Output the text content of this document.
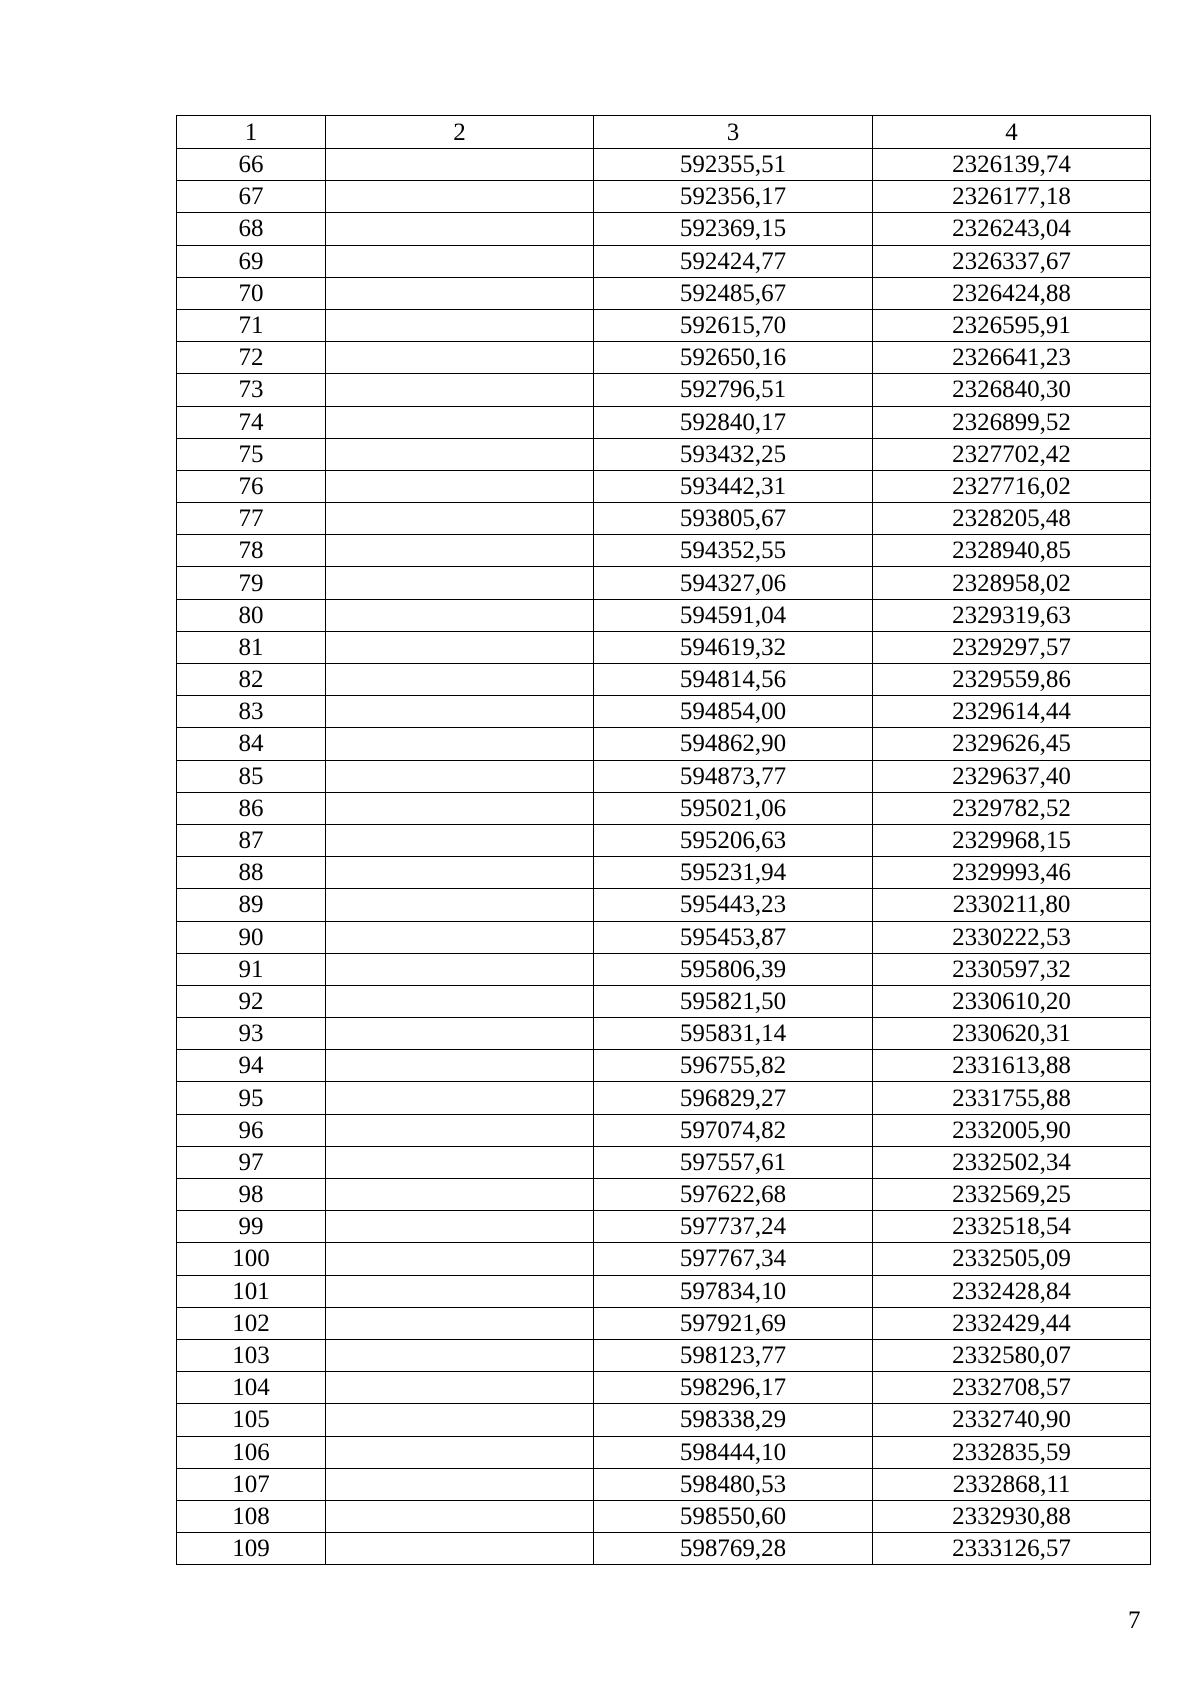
1	2	3	4
66		592355,51	2326139,74
67		592356,17	2326177,18
68		592369,15	2326243,04
69		592424,77	2326337,67
70		592485,67	2326424,88
71		592615,70	2326595,91
72		592650,16	2326641,23
73		592796,51	2326840,30
74		592840,17	2326899,52
75		593432,25	2327702,42
76		593442,31	2327716,02
77		593805,67	2328205,48
78		594352,55	2328940,85
79		594327,06	2328958,02
80		594591,04	2329319,63
81		594619,32	2329297,57
82		594814,56	2329559,86
83		594854,00	2329614,44
84		594862,90	2329626,45
85		594873,77	2329637,40
86		595021,06	2329782,52
87		595206,63	2329968,15
88		595231,94	2329993,46
89		595443,23	2330211,80
90		595453,87	2330222,53
91		595806,39	2330597,32
92		595821,50	2330610,20
93		595831,14	2330620,31
94		596755,82	2331613,88
95		596829,27	2331755,88
96		597074,82	2332005,90
97		597557,61	2332502,34
98		597622,68	2332569,25
99		597737,24	2332518,54
100		597767,34	2332505,09
101		597834,10	2332428,84
102		597921,69	2332429,44
103		598123,77	2332580,07
104		598296,17	2332708,57
105		598338,29	2332740,90
106		598444,10	2332835,59
107		598480,53	2332868,11
108		598550,60	2332930,88
109		598769,28	2333126,57
7
